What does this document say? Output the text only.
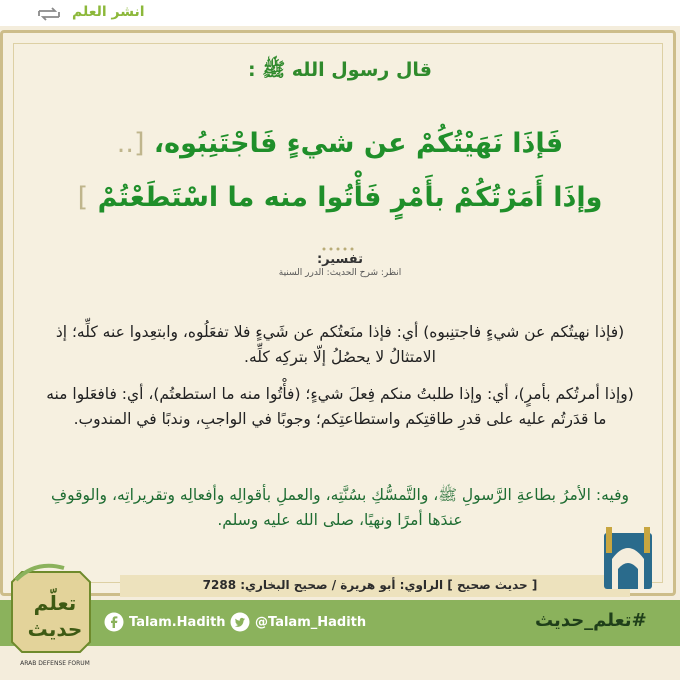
انشر العلم
قال رسول الله ﷺ :
فَإذَا نَهَيْتُكُمْ عن شيءٍ فَاجْتَنِبُوه، [..
وإذَا أَمَرْتُكُمْ بأَمْرٍ فَأْتُوا منه ما اسْتَطَعْتُمْ ]
تفسير:
انظر: شرح الحديث: الدرر السنية
(فإذا نهيتُكم عن شيءٍ فاجتنِبوه) أي: فإذا منَعتُكم عن شَيءٍ فلا تفعَلُوه، وابتعِدوا عنه كلِّه؛ إذ الامتثالُ لا يحصُلُ إلّا بتركِه كلِّه.
(وإذا أمرتُكم بأمرٍ)، أي: وإذا طلبتُ منكم فِعلَ شيءٍ؛ (فأْتُوا منه ما استطعتُم)، أي: فافعَلوا منه ما قدَرتُم عليه على قدرِ طاقتِكم واستطاعتِكم؛ وجوبًا في الواجبِ، وندبًا في المندوب.
وفيه: الأمرُ بطاعةِ الرَّسولِ ﷺ، والتَّمسُّكِ بسُنَّتِه، والعملِ بأقوالِه وأفعالِه وتقريراتِه، والوقوفِ عندَها أمرًا ونهيًا، صلى الله عليه وسلم.
[ حديث صحيح ] الراوي: أبو هريرة / صحيح البخاري: 7288
Talam.Hadith @Talam_Hadith	#تعلم_حديث
تعلّم
حديث
ARAB DEFENSE FORUM
